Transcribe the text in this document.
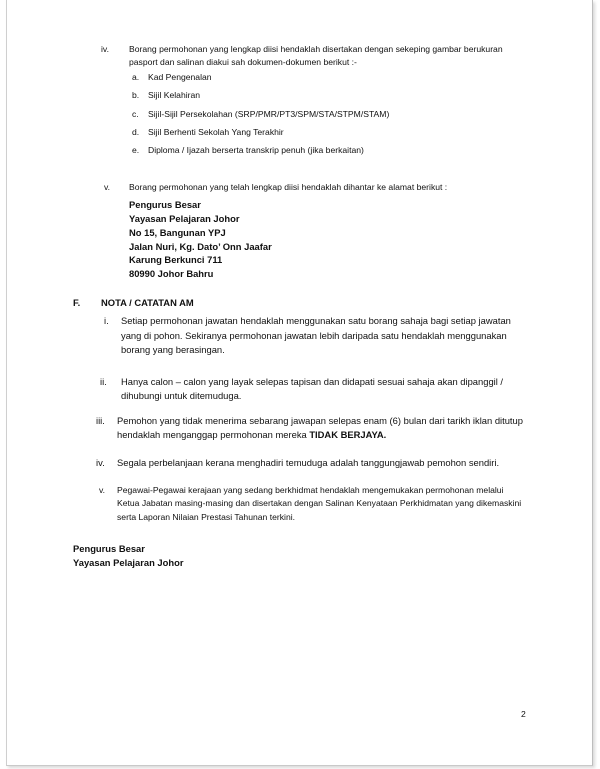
iv. Borang permohonan yang lengkap diisi hendaklah disertakan dengan sekeping gambar berukuran
pasport dan salinan diakui sah dokumen-dokumen berikut :-
a. Kad Pengenalan
b. Sijil Kelahiran
c. Sijil-Sijil Persekolahan (SRP/PMR/PT3/SPM/STA/STPM/STAM)
d. Sijil Berhenti Sekolah Yang Terakhir
e. Diploma / Ijazah berserta transkrip penuh (jika berkaitan)
v. Borang permohonan yang telah lengkap diisi hendaklah dihantar ke alamat berikut :
Pengurus Besar
Yayasan Pelajaran Johor
No 15, Bangunan YPJ
Jalan Nuri, Kg. Dato’ Onn Jaafar
Karung Berkunci 711
80990 Johor Bahru
F. NOTA / CATATAN AM
i. Setiap permohonan jawatan hendaklah menggunakan satu borang sahaja bagi setiap jawatan
yang di pohon. Sekiranya permohonan jawatan lebih daripada satu hendaklah menggunakan
borang yang berasingan.
ii. Hanya calon – calon yang layak selepas tapisan dan didapati sesuai sahaja akan dipanggil /
dihubungi untuk ditemuduga.
iii. Pemohon yang tidak menerima sebarang jawapan selepas enam (6) bulan dari tarikh iklan ditutup
hendaklah menganggap permohonan mereka TIDAK BERJAYA.
iv. Segala perbelanjaan kerana menghadiri temuduga adalah tanggungjawab pemohon sendiri.
v. Pegawai-Pegawai kerajaan yang sedang berkhidmat hendaklah mengemukakan permohonan melalui
Ketua Jabatan masing-masing dan disertakan dengan Salinan Kenyataan Perkhidmatan yang dikemaskini
serta Laporan Nilaian Prestasi Tahunan terkini.
Pengurus Besar
Yayasan Pelajaran Johor
2
